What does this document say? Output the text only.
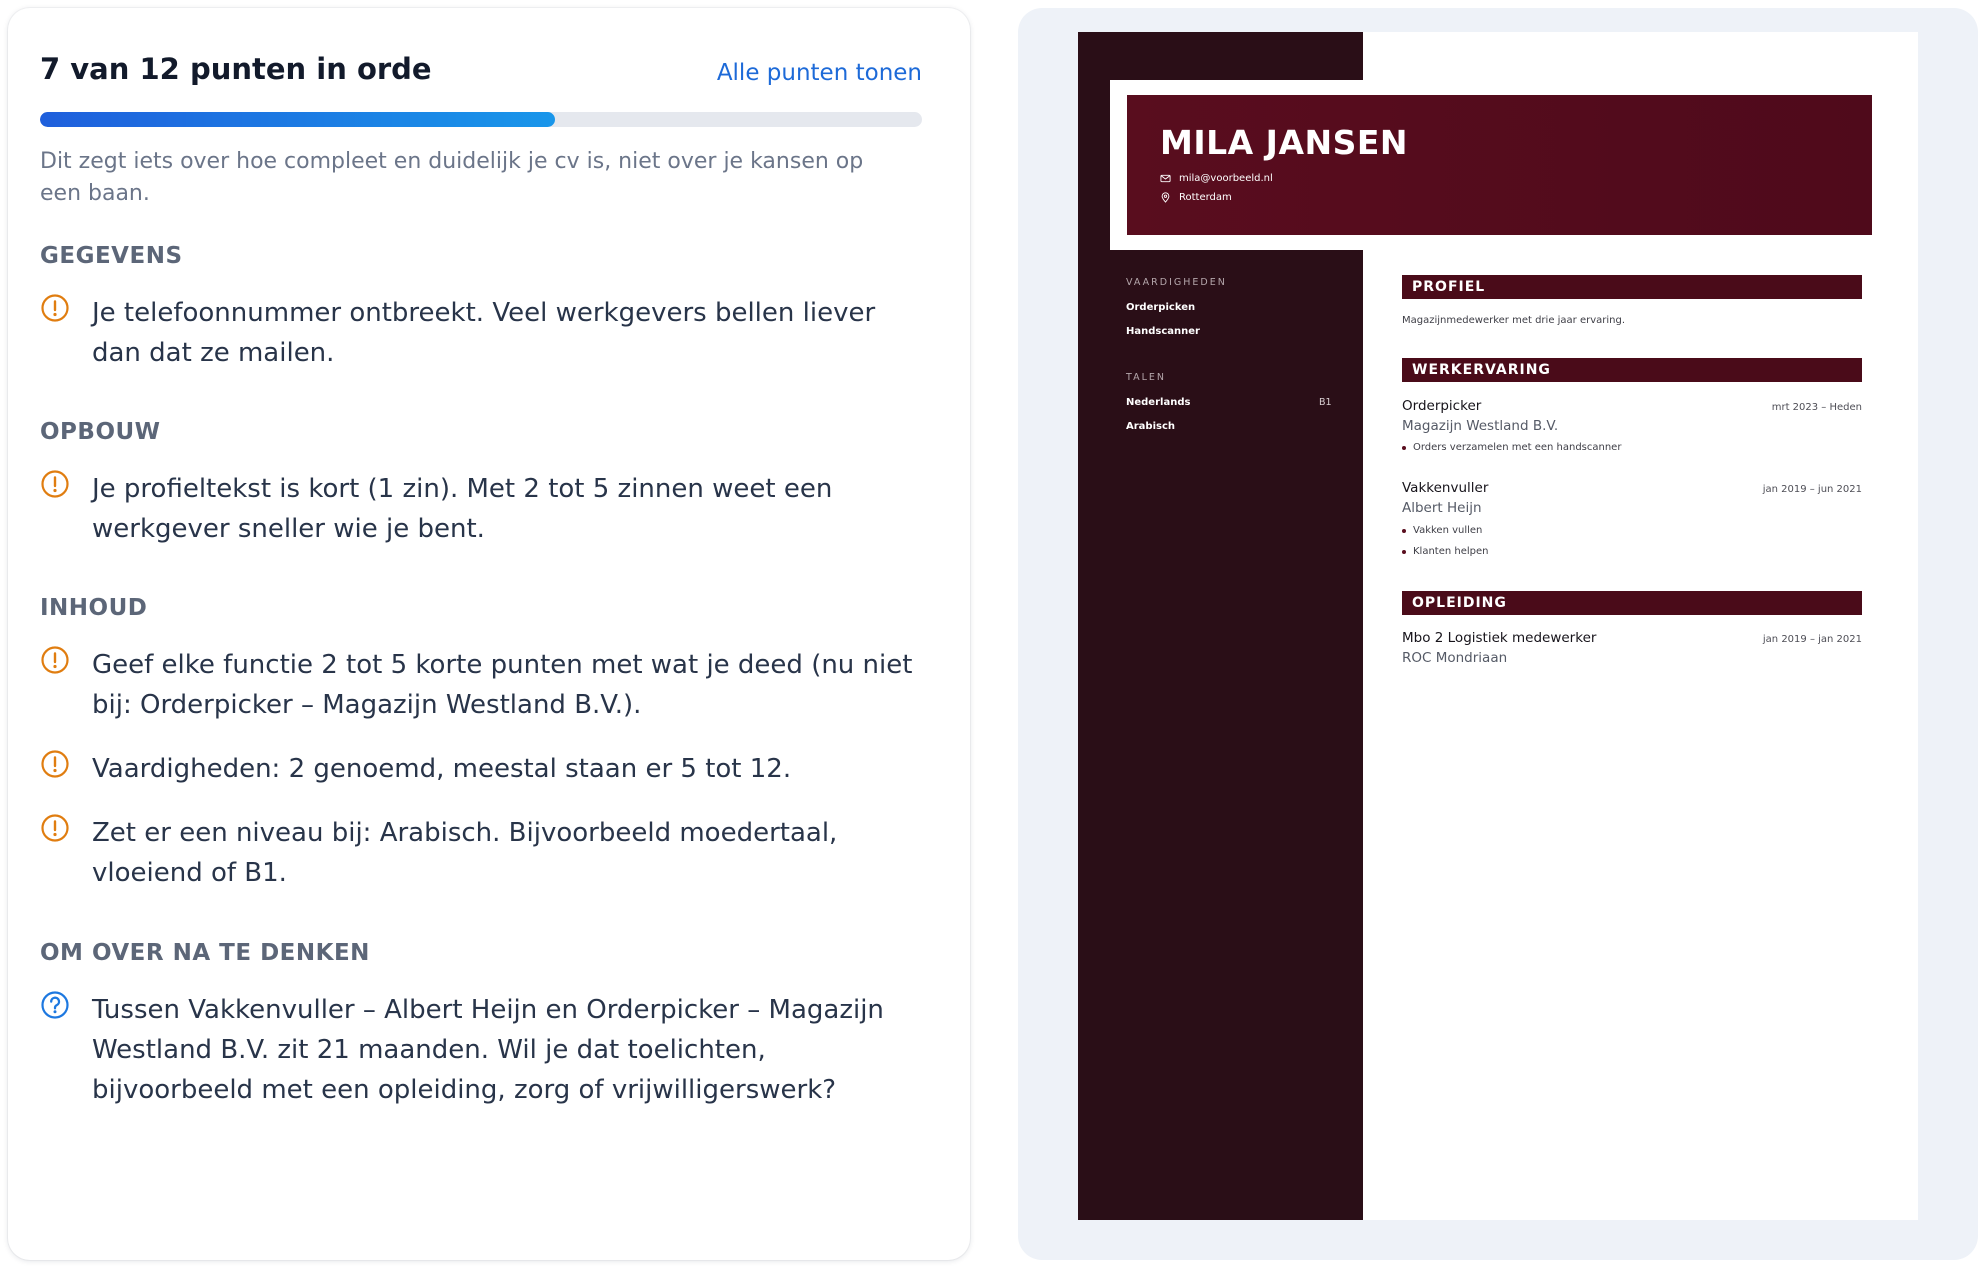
7 van 12 punten in orde	Alle punten tonen
Dit zegt iets over hoe compleet en duidelijk je cv is, niet over je kansen op een baan.
GEGEVENS
Je telefoonnummer ontbreekt. Veel werkgevers bellen liever dan dat ze mailen.
OPBOUW
Je profieltekst is kort (1 zin). Met 2 tot 5 zinnen weet een werkgever sneller wie je bent.
INHOUD
Geef elke functie 2 tot 5 korte punten met wat je deed (nu niet bij: Orderpicker – Magazijn Westland B.V.).
Vaardigheden: 2 genoemd, meestal staan er 5 tot 12.
Zet er een niveau bij: Arabisch. Bijvoorbeeld moedertaal, vloeiend of B1.
OM OVER NA TE DENKEN
Tussen Vakkenvuller – Albert Heijn en Orderpicker – Magazijn Westland B.V. zit 21 maanden. Wil je dat toelichten, bijvoorbeeld met een opleiding, zorg of vrijwilligerswerk?
VAARDIGHEDEN
Orderpicken
Handscanner
TALEN
Nederlands	B1
Arabisch
MILA JANSEN
mila@voorbeeld.nl
Rotterdam
PROFIEL
Magazijnmedewerker met drie jaar ervaring.
WERKERVARING
Orderpicker	mrt 2023 – Heden
Magazijn Westland B.V.
Orders verzamelen met een handscanner
Vakkenvuller	jan 2019 – jun 2021
Albert Heijn
Vakken vullen
Klanten helpen
OPLEIDING
Mbo 2 Logistiek medewerker	jan 2019 – jan 2021
ROC Mondriaan
